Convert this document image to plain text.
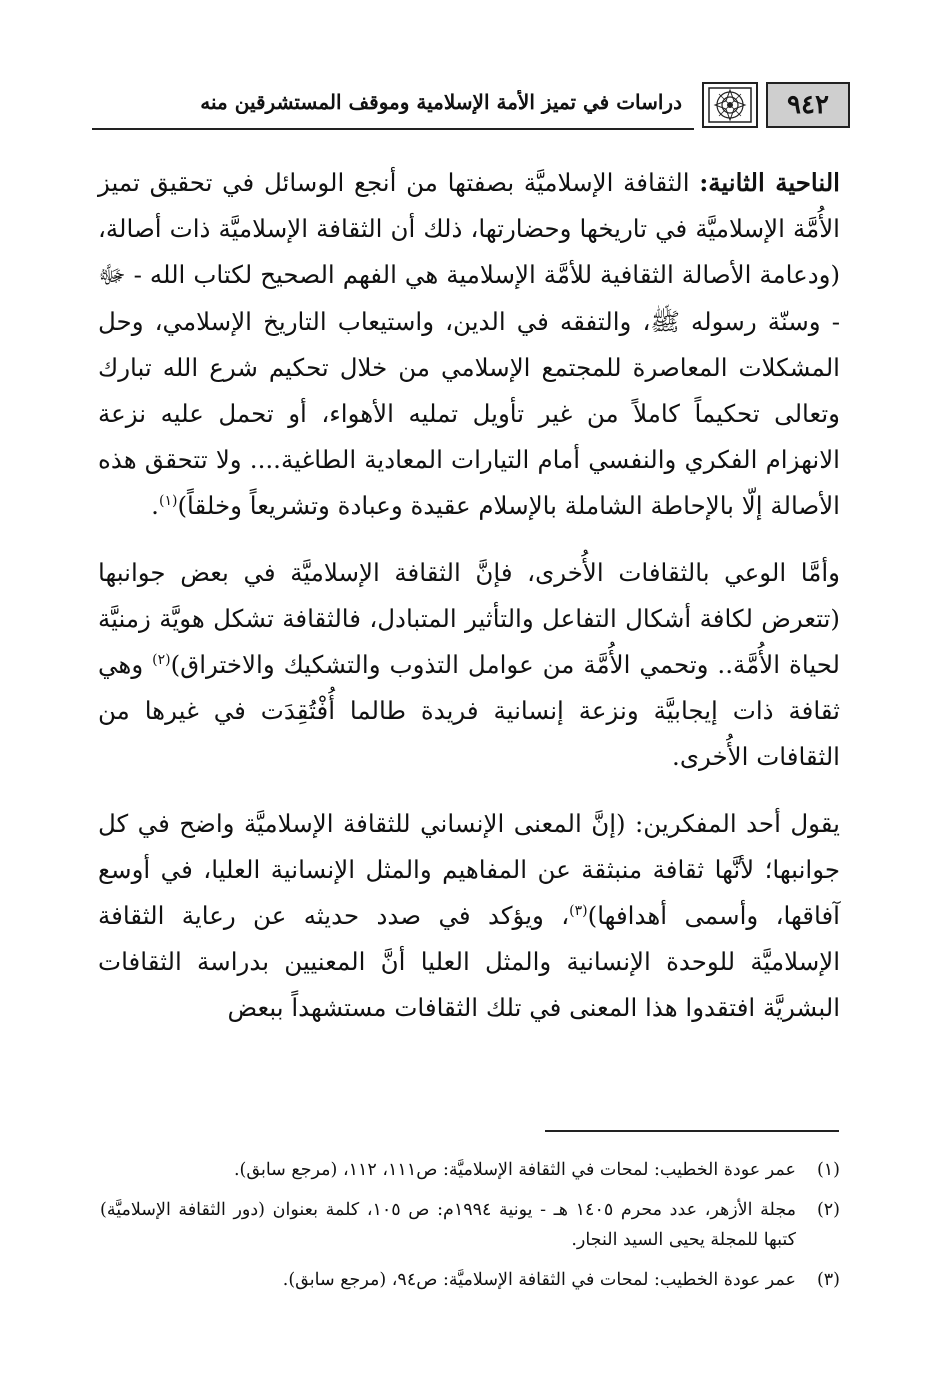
٩٤٢
دراسات في تميز الأمة الإسلامية وموقف المستشرقين منه

الناحية الثانية: الثقافة الإسلاميَّة بصفتها من أنجع الوسائل في تحقيق تميز الأُمَّة الإسلاميَّة في تاريخها وحضارتها، ذلك أن الثقافة الإسلاميَّة ذات أصالة، (ودعامة الأصالة الثقافية للأمَّة الإسلامية هي الفهم الصحيح لكتاب الله - ﷻ - وسنّة رسوله ﷺ، والتفقه في الدين، واستيعاب التاريخ الإسلامي، وحل المشكلات المعاصرة للمجتمع الإسلامي من خلال تحكيم شرع الله تبارك وتعالى تحكيماً كاملاً من غير تأويل تمليه الأهواء، أو تحمل عليه نزعة الانهزام الفكري والنفسي أمام التيارات المعادية الطاغية.... ولا تتحقق هذه الأصالة إلّا بالإحاطة الشاملة بالإسلام عقيدة وعبادة وتشريعاً وخلقاً)$^{(١)}$.

وأمَّا الوعي بالثقافات الأُخرى، فإنَّ الثقافة الإسلاميَّة في بعض جوانبها (تتعرض لكافة أشكال التفاعل والتأثير المتبادل، فالثقافة تشكل هويَّة زمنيَّة لحياة الأُمَّة.. وتحمي الأُمَّة من عوامل التذوب والتشكيك والاختراق)$^{(٢)}$ وهي ثقافة ذات إيجابيَّة ونزعة إنسانية فريدة طالما أُفْتُقِدَت في غيرها من الثقافات الأُخرى.

يقول أحد المفكرين: (إنَّ المعنى الإنساني للثقافة الإسلاميَّة واضح في كل جوانبها؛ لأنَّها ثقافة منبثقة عن المفاهيم والمثل الإنسانية العليا، في أوسع آفاقها، وأسمى أهدافها)$^{(٣)}$، ويؤكد في صدد حديثه عن رعاية الثقافة الإسلاميَّة للوحدة الإنسانية والمثل العليا أنَّ المعنيين بدراسة الثقافات البشريَّة افتقدوا هذا المعنى في تلك الثقافات مستشهداً ببعض

(١)
عمر عودة الخطيب: لمحات في الثقافة الإسلاميَّة: ص١١١، ١١٢، (مرجع سابق).
(٢)
مجلة الأزهر، عدد محرم ١٤٠٥ هـ - يونية ١٩٩٤م: ص ١٠٥، كلمة بعنوان (دور الثقافة الإسلاميَّة) كتبها للمجلة يحيى السيد النجار.
(٣)
عمر عودة الخطيب: لمحات في الثقافة الإسلاميَّة: ص٩٤، (مرجع سابق).
